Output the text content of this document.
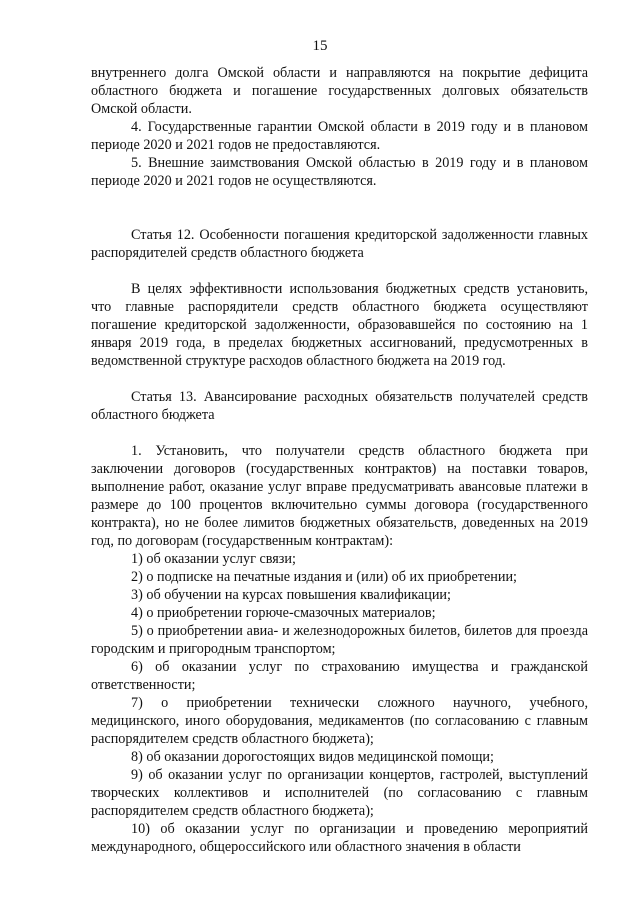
15

внутреннего долга Омской области и направляются на покрытие дефицита областного бюджета и погашение государственных долговых обязательств Омской области.

4. Государственные гарантии Омской области в 2019 году и в плановом периоде 2020 и 2021 годов не предоставляются.

5. Внешние заимствования Омской областью в 2019 году и в плановом периоде 2020 и 2021 годов не осуществляются.

Статья 12. Особенности погашения кредиторской задолженности главных распорядителей средств областного бюджета

В целях эффективности использования бюджетных средств установить, что главные распорядители средств областного бюджета осуществляют погашение кредиторской задолженности, образовавшейся по состоянию на 1 января 2019 года, в пределах бюджетных ассигнований, предусмотренных в ведомственной структуре расходов областного бюджета на 2019 год.

Статья 13. Авансирование расходных обязательств получателей средств областного бюджета

1. Установить, что получатели средств областного бюджета при заключении договоров (государственных контрактов) на поставки товаров, выполнение работ, оказание услуг вправе предусматривать авансовые платежи в размере до 100 процентов включительно суммы договора (государственного контракта), но не более лимитов бюджетных обязательств, доведенных на 2019 год, по договорам (государственным контрактам):

1) об оказании услуг связи;

2) о подписке на печатные издания и (или) об их приобретении;

3) об обучении на курсах повышения квалификации;

4) о приобретении горюче-смазочных материалов;

5) о приобретении авиа- и железнодорожных билетов, билетов для проезда городским и пригородным транспортом;

6) об оказании услуг по страхованию имущества и гражданской ответственности;

7) о приобретении технически сложного научного, учебного, медицинского, иного оборудования, медикаментов (по согласованию с главным распорядителем средств областного бюджета);

8) об оказании дорогостоящих видов медицинской помощи;

9) об оказании услуг по организации концертов, гастролей, выступлений творческих коллективов и исполнителей (по согласованию с главным распорядителем средств областного бюджета);

10) об оказании услуг по организации и проведению мероприятий международного, общероссийского или областного значения в области
